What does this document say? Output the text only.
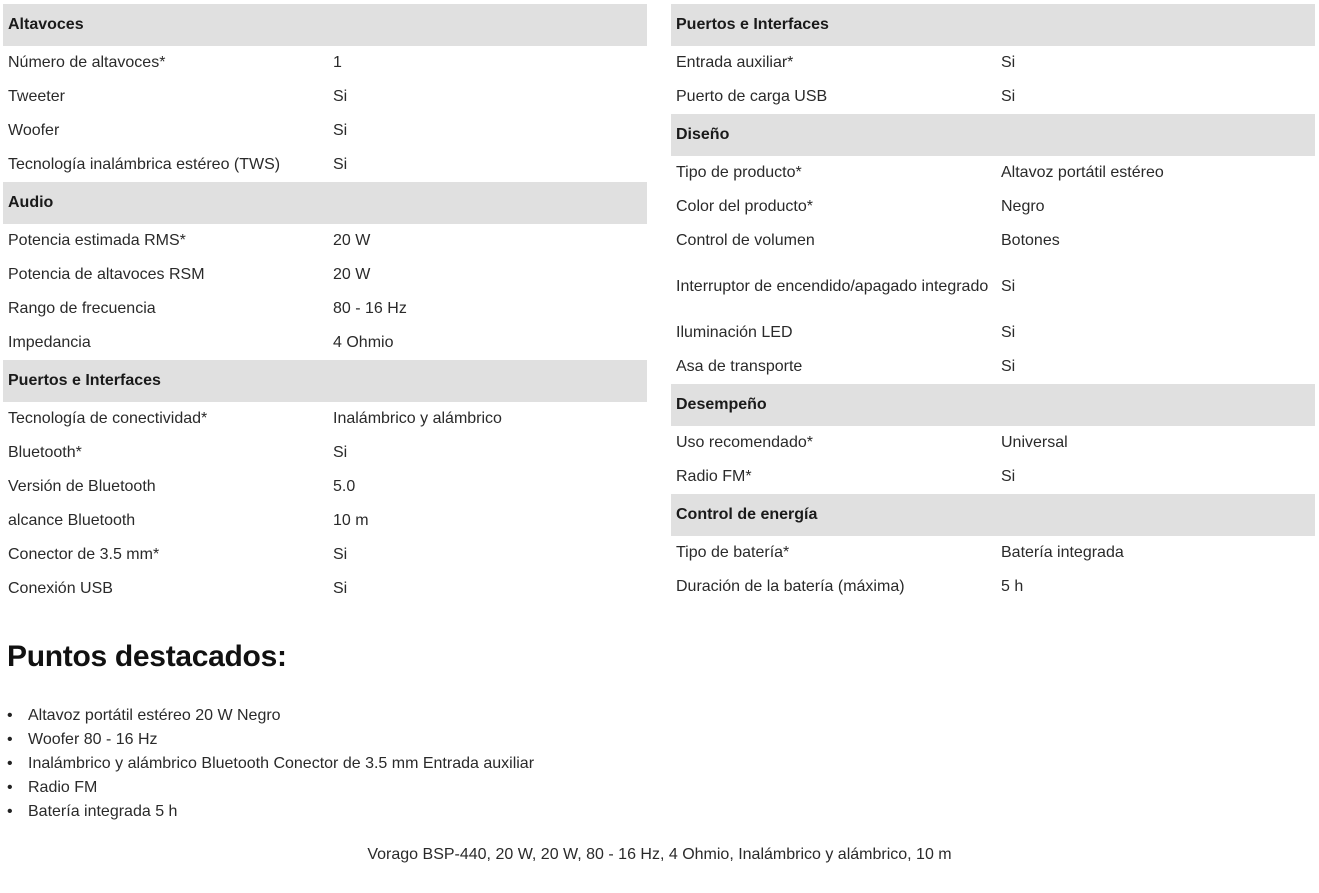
Altavoces
Número de altavoces*	1
Tweeter	Si
Woofer	Si
Tecnología inalámbrica estéreo (TWS)	Si
Audio
Potencia estimada RMS*	20 W
Potencia de altavoces RSM	20 W
Rango de frecuencia	80 - 16 Hz
Impedancia	4 Ohmio
Puertos e Interfaces
Tecnología de conectividad*	Inalámbrico y alámbrico
Bluetooth*	Si
Versión de Bluetooth	5.0
alcance Bluetooth	10 m
Conector de 3.5 mm*	Si
Conexión USB	Si
Puertos e Interfaces
Entrada auxiliar*	Si
Puerto de carga USB	Si
Diseño
Tipo de producto*	Altavoz portátil estéreo
Color del producto*	Negro
Control de volumen	Botones
Interruptor de encendido/apagado integrado Si
Iluminación LED	Si
Asa de transporte	Si
Desempeño
Uso recomendado*	Universal
Radio FM*	Si
Control de energía
Tipo de batería*	Batería integrada
Duración de la batería (máxima)	5 h
Puntos destacados:
• Altavoz portátil estéreo 20 W Negro
• Woofer 80 - 16 Hz
• Inalámbrico y alámbrico Bluetooth Conector de 3.5 mm Entrada auxiliar
• Radio FM
• Batería integrada 5 h
Vorago BSP-440, 20 W, 20 W, 80 - 16 Hz, 4 Ohmio, Inalámbrico y alámbrico, 10 m
